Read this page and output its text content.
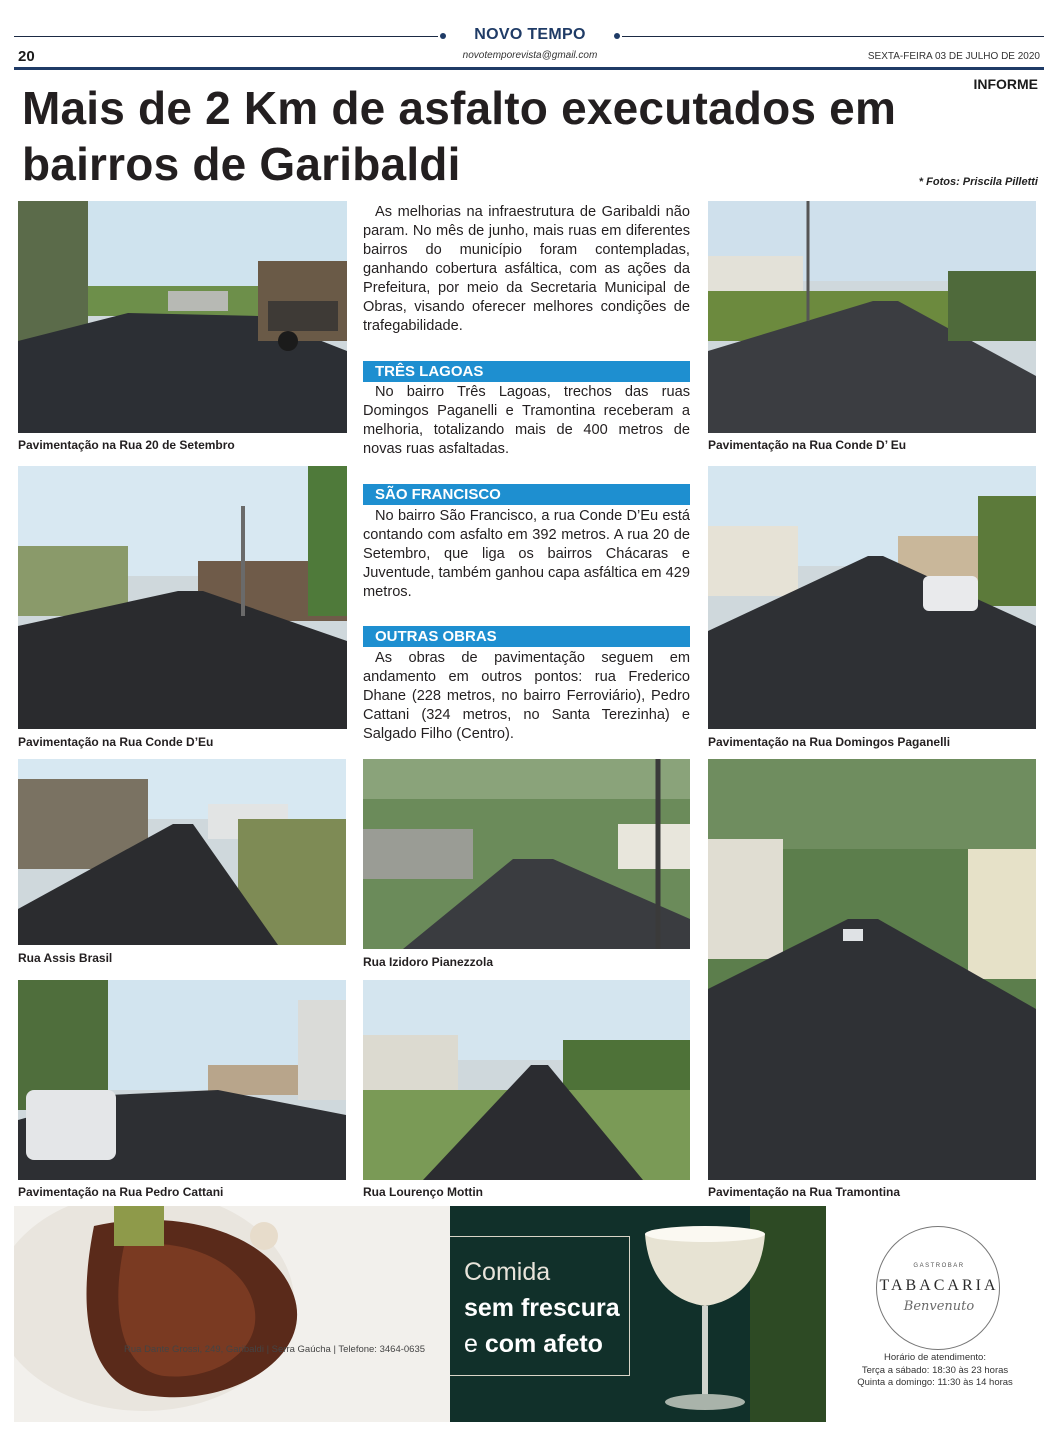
NOVO TEMPO
20	novotemporevista@gmail.com	SEXTA-FEIRA 03 DE JULHO DE 2020
INFORME
Mais de 2 Km de asfalto executados em
bairros de Garibaldi	* Fotos: Priscila Pilletti
Pavimentação na Rua 20 de Setembro	Pavimentação na Rua Conde D’ Eu

As melhorias na infraestrutura de Garibaldi não param. No mês de junho, mais ruas em diferentes bairros do município foram contempladas, ganhando cobertura asfáltica, com as ações da Prefeitura, por meio da Secretaria Municipal de Obras, visando oferecer melhores condições de trafegabilidade.

TRÊS LAGOAS

No bairro Três Lagoas, trechos das ruas Domingos Paganelli e Tramontina receberam a melhoria, totalizando mais de 400 metros de novas ruas asfaltadas.

SÃO FRANCISCO

No bairro São Francisco, a rua Conde D’Eu está contando com asfalto em 392 metros. A rua 20 de Setembro, que liga os bairros Chácaras e Juventude, também ganhou capa asfáltica em 429 metros.

OUTRAS OBRAS

As obras de pavimentação seguem em andamento em outros pontos: rua Frederico Dhane (228 metros, no bairro Ferroviário), Pedro Cattani (324 metros, no Santa Terezinha) e Salgado Filho (Centro).

Pavimentação na Rua Conde D’Eu	Pavimentação na Rua Domingos Paganelli
Rua Assis Brasil	Rua Izidoro Pianezzola
Pavimentação na Rua Tramontina
Pavimentação na Rua Pedro Cattani	Rua Lourenço Mottin
Rua Dante Grossi, 249, Garibaldi | Serra Gaúcha | Telefone: 3464-0635
Comida
sem frescura
e com afeto
GASTROBAR
TABACARIA
Benvenuto
Horário de atendimento:
Terça a sábado: 18:30 às 23 horas
Quinta a domingo: 11:30 às 14 horas
